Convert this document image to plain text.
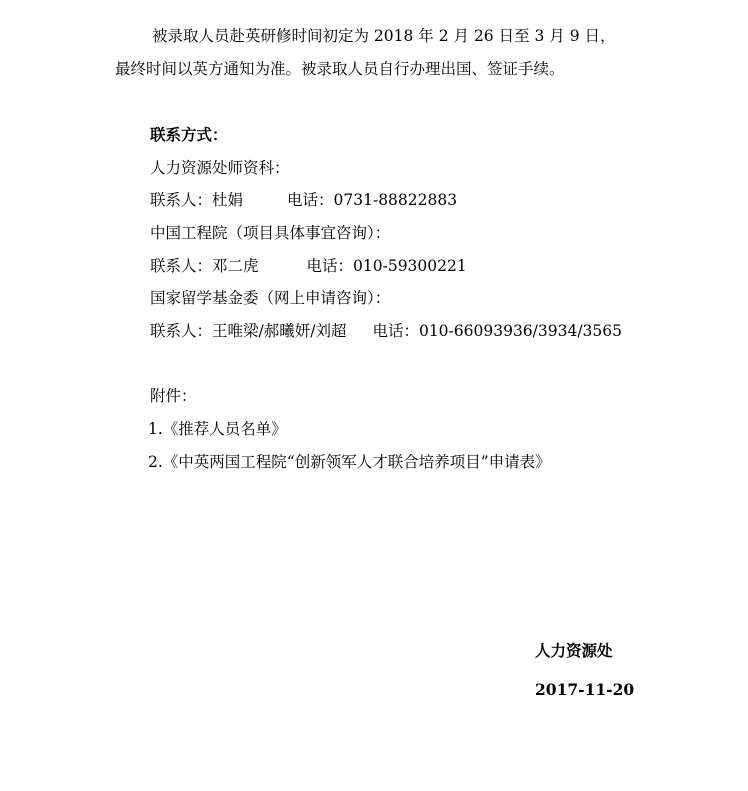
被录取人员赴英研修时间初定为 2018 年 2 月 26 日至 3 月 9 日，
最终时间以英方通知为准。被录取人员自行办理出国、签证手续。
联系方式：
人力资源处师资科：
联系人：杜娟	电话：0731-88822883
中国工程院（项目具体事宜咨询）：
联系人：邓二虎	电话：010-59300221
国家留学基金委（网上申请咨询）：
联系人：王唯梁/郝曦妍/刘超 电话：010-66093936/3934/3565
附件：
1.《推荐人员名单》
2.《中英两国工程院“创新领军人才联合培养项目”申请表》
人力资源处
2017-11-20
